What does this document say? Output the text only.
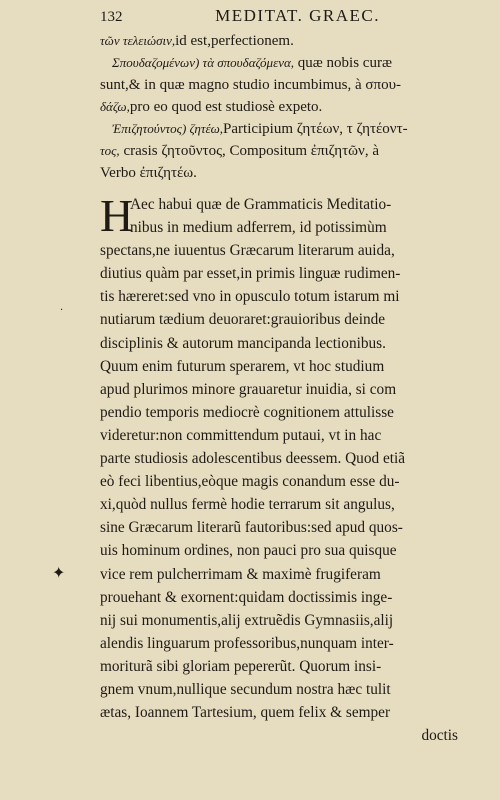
132	MEDITAT. GRAEC.
τῶν τελειώσιν,id est,perfectionem.
Σπουδαζομένων) τὰ σπουδαζόμενα, quæ nobis curæ
sunt,& in quæ magno studio incumbimus, à σπου-
δάζω,pro eo quod est studiosè expeto.
Ἐπιζητούντος) ζητέω,Participium ζητέων, τ ζητέοντ-
τος, crasis ζητοῦντος, Compositum ἐπιζητῶν, à
Verbo ἐπιζητέω.
H
Aec habui quæ de Grammaticis Meditatio-
nibus in medium adferrem, id potissimùm
spectans,ne iuuentus Græcarum literarum auida,
diutius quàm par esset,in primis linguæ rudimen-
tis hæreret:sed vno in opusculo totum istarum mi
nutiarum tædium deuoraret:grauioribus deinde
disciplinis & autorum mancipanda lectionibus.
Quum enim futurum sperarem, vt hoc studium
apud plurimos minore grauaretur inuidia, si com
pendio temporis mediocrè cognitionem attulisse
videretur:non committendum putaui, vt in hac
parte studiosis adolescentibus deessem. Quod etiã
eò feci libentius,eòque magis conandum esse du-
xi,quòd nullus fermè hodie terrarum sit angulus,
sine Græcarum literarũ fautoribus:sed apud quos-
uis hominum ordines, non pauci pro sua quisque
vice rem pulcherrimam & maximè frugiferam
prouehant & exornent:quidam doctissimis inge-
nij sui monumentis,alij extruẽdis Gymnasiis,alij
alendis linguarum professoribus,nunquam inter-
moriturã sibi gloriam pepererũt. Quorum insi-
gnem vnum,nullique secundum nostra hæc tulit
ætas, Ioannem Tartesium, quem felix & semper
doctis
✦
‧
